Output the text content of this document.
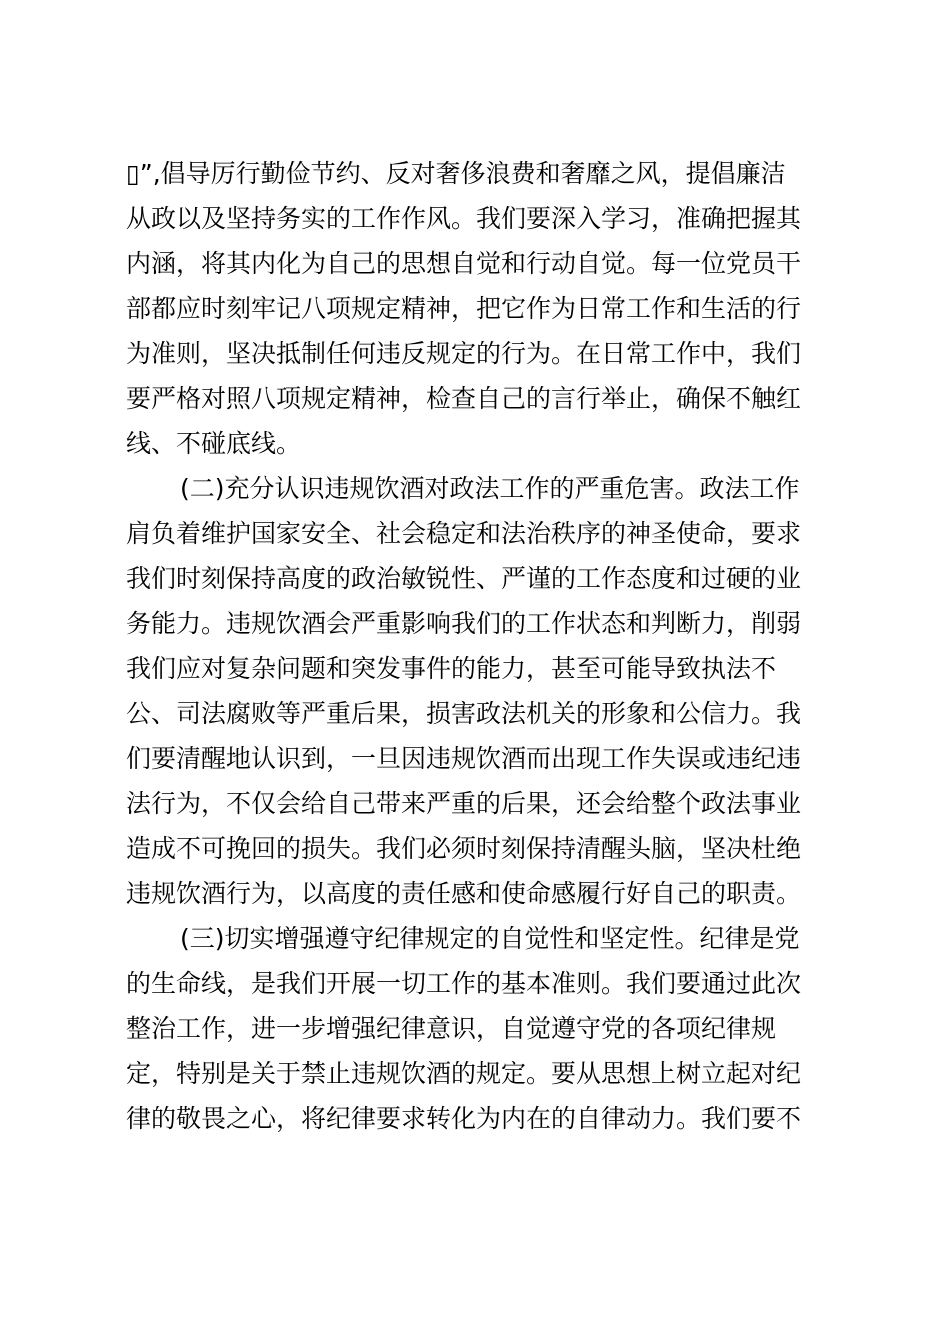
▯”,倡导厉行勤俭节约、反对奢侈浪费和奢靡之风，提倡廉洁
从政以及坚持务实的工作作风。我们要深入学习，准确把握其
内涵，将其内化为自己的思想自觉和行动自觉。每一位党员干
部都应时刻牢记八项规定精神，把它作为日常工作和生活的行
为准则，坚决抵制任何违反规定的行为。在日常工作中，我们
要严格对照八项规定精神，检查自己的言行举止，确保不触红
线、不碰底线。
(二)充分认识违规饮酒对政法工作的严重危害。政法工作
肩负着维护国家安全、社会稳定和法治秩序的神圣使命，要求
我们时刻保持高度的政治敏锐性、严谨的工作态度和过硬的业
务能力。违规饮酒会严重影响我们的工作状态和判断力，削弱
我们应对复杂问题和突发事件的能力，甚至可能导致执法不
公、司法腐败等严重后果，损害政法机关的形象和公信力。我
们要清醒地认识到，一旦因违规饮酒而出现工作失误或违纪违
法行为，不仅会给自己带来严重的后果，还会给整个政法事业
造成不可挽回的损失。我们必须时刻保持清醒头脑，坚决杜绝
违规饮酒行为，以高度的责任感和使命感履行好自己的职责。
(三)切实增强遵守纪律规定的自觉性和坚定性。纪律是党
的生命线，是我们开展一切工作的基本准则。我们要通过此次
整治工作，进一步增强纪律意识，自觉遵守党的各项纪律规
定，特别是关于禁止违规饮酒的规定。要从思想上树立起对纪
律的敬畏之心，将纪律要求转化为内在的自律动力。我们要不
